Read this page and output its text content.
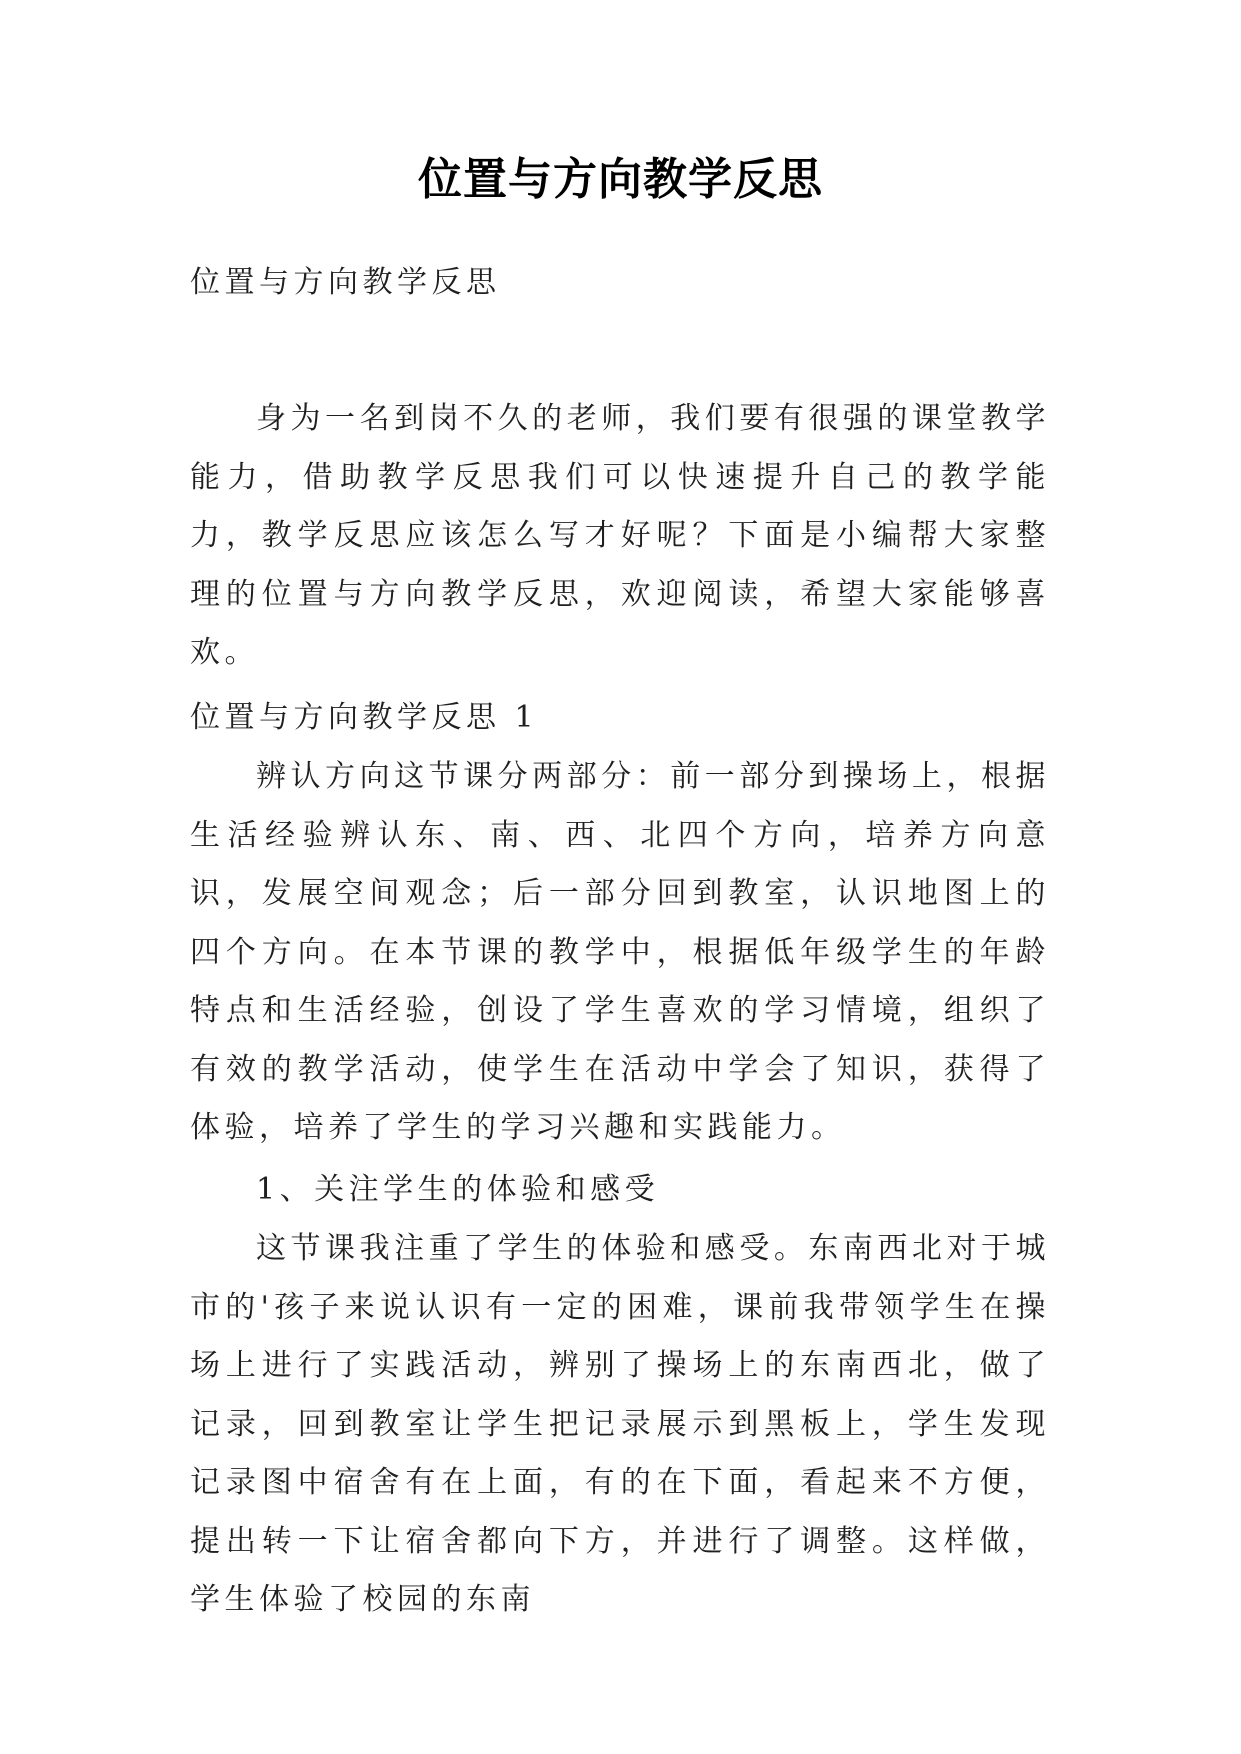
位置与方向教学反思

位置与方向教学反思

身为一名到岗不久的老师，我们要有很强的课堂教学能力，借助教学反思我们可以快速提升自己的教学能力，教学反思应该怎么写才好呢？下面是小编帮大家整理的位置与方向教学反思，欢迎阅读，希望大家能够喜欢。

位置与方向教学反思 1

辨认方向这节课分两部分：前一部分到操场上，根据生活经验辨认东、南、西、北四个方向，培养方向意识，发展空间观念；后一部分回到教室，认识地图上的四个方向。在本节课的教学中，根据低年级学生的年龄特点和生活经验，创设了学生喜欢的学习情境，组织了有效的教学活动，使学生在活动中学会了知识，获得了体验，培养了学生的学习兴趣和实践能力。

1、关注学生的体验和感受

这节课我注重了学生的体验和感受。东南西北对于城市的'孩子来说认识有一定的困难，课前我带领学生在操场上进行了实践活动，辨别了操场上的东南西北，做了记录，回到教室让学生把记录展示到黑板上，学生发现记录图中宿舍有在上面，有的在下面，看起来不方便，提出转一下让宿舍都向下方，并进行了调整。这样做，学生体验了校园的东南
